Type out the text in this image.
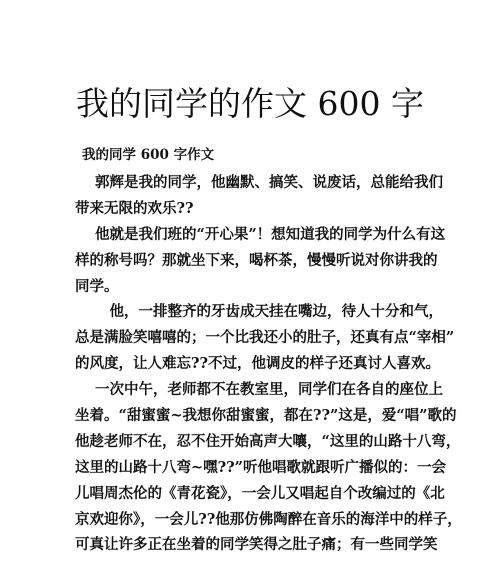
我的同学的作文 600 字
我的同学 600 字作文
郭辉是我的同学，他幽默、搞笑、说废话，总能给我们
带来无限的欢乐??
他就是我们班的“开心果”！想知道我的同学为什么有这
样的称号吗？那就坐下来，喝杯茶，慢慢听说对你讲我的
同学。
　他，一排整齐的牙齿成天挂在嘴边，待人十分和气，
总是满脸笑嘻嘻的；一个比我还小的肚子，还真有点“宰相”
的风度，让人难忘??不过，他调皮的样子还真讨人喜欢。
一次中午，老师都不在教室里，同学们在各自的座位上
坐着。“甜蜜蜜~我想你甜蜜蜜，都在??”这是，爱“唱”歌的
他趁老师不在，忍不住开始高声大嚷，“这里的山路十八弯，
这里的山路十八弯~嘿??”听他唱歌就跟听广播似的：一会
儿唱周杰伦的《青花瓷》，一会儿又唱起自个改编过的《北
京欢迎你》，一会儿??他那仿佛陶醉在音乐的海洋中的样子，
可真让许多正在坐着的同学笑得之肚子痛；有一些同学笑
